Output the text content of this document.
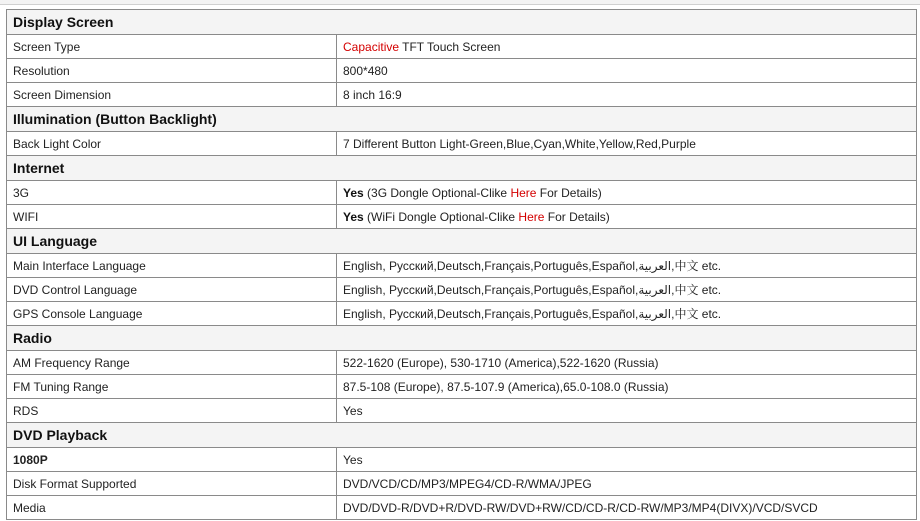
Display Screen	
Screen Type	Capacitive TFT Touch Screen
Resolution	800*480
Screen Dimension	8 inch 16:9
Illumination (Button Backlight)	
Back Light Color	7 Different Button Light-Green,Blue,Cyan,White,Yellow,Red,Purple
Internet	
3G	Yes (3G Dongle Optional-Clike Here For Details)
WIFI	Yes (WiFi Dongle Optional-Clike Here For Details)
UI Language	
Main Interface Language	English, Русский,Deutsch,Français,Português,Español,العربية,中文 etc.
DVD Control Language	English, Русский,Deutsch,Français,Português,Español,العربية,中文 etc.
GPS Console Language	English, Русский,Deutsch,Français,Português,Español,العربية,中文 etc.
Radio	
AM Frequency Range	522-1620 (Europe), 530-1710 (America),522-1620 (Russia)
FM Tuning Range	87.5-108 (Europe), 87.5-107.9 (America),65.0-108.0 (Russia)
RDS	Yes
DVD Playback	
1080P	Yes
Disk Format Supported	DVD/VCD/CD/MP3/MPEG4/CD-R/WMA/JPEG
Media	DVD/DVD-R/DVD+R/DVD-RW/DVD+RW/CD/CD-R/CD-RW/MP3/MP4(DIVX)/VCD/SVCD
